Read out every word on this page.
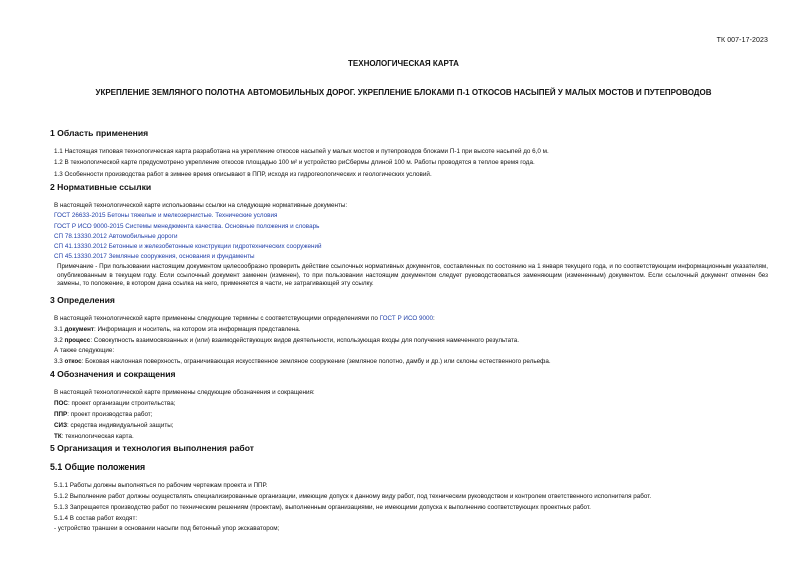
ТК 007-17-2023
ТЕХНОЛОГИЧЕСКАЯ КАРТА
УКРЕПЛЕНИЕ ЗЕМЛЯНОГО ПОЛОТНА АВТОМОБИЛЬНЫХ ДОРОГ. УКРЕПЛЕНИЕ БЛОКАМИ П-1 ОТКОСОВ НАСЫПЕЙ У МАЛЫХ МОСТОВ И ПУТЕПРОВОДОВ
1 Область применения
1.1 Настоящая типовая технологическая карта разработана на укрепление откосов насыпей у малых мостов и путепроводов блоками П-1 при высоте насыпей до 6,0 м.
1.2 В технологической карте предусмотрено укрепление откосов площадью 100 м² и устройство риСбермы длиной 100 м. Работы проводятся в теплое время года.
1.3 Особенности производства работ в зимнее время описывают в ППР, исходя из гидрогеологических и геологических условий.
2 Нормативные ссылки
В настоящей технологической карте использованы ссылки на следующие нормативные документы:
ГОСТ 26633-2015 Бетоны тяжелые и мелкозернистые. Технические условия
ГОСТ Р ИСО 9000-2015 Системы менеджмента качества. Основные положения и словарь
СП 78.13330.2012 Автомобильные дороги
СП 41.13330.2012 Бетонные и железобетонные конструкции гидротехнических сооружений
СП 45.13330.2017 Земляные сооружения, основания и фундаменты
Примечание - При пользовании настоящим документом целесообразно проверить действие ссылочных нормативных документов, составленных по состоянию на 1 января текущего года, и по соответствующим информационным указателям, опубликованным в текущем году. Если ссылочный документ заменен (изменен), то при пользовании настоящим документом следует руководствоваться заменяющим (измененным) документом. Если ссылочный документ отменен без замены, то положение, в котором дана ссылка на него, применяется в части, не затрагивающей эту ссылку.
3 Определения
В настоящей технологической карте применены следующие термины с соответствующими определениями по ГОСТ Р ИСО 9000:
3.1 документ: Информация и носитель, на котором эта информация представлена.
3.2 процесс: Совокупность взаимосвязанных и (или) взаимодействующих видов деятельности, использующая входы для получения намеченного результата.
А также следующие:
3.3 откос: Боковая наклонная поверхность, ограничивающая искусственное земляное сооружение (земляное полотно, дамбу и др.) или склоны естественного рельефа.
4 Обозначения и сокращения
В настоящей технологической карте применены следующие обозначения и сокращения:
ПОС: проект организации строительства;
ППР: проект производства работ;
СИЗ: средства индивидуальной защиты;
ТК: технологическая карта.
5 Организация и технология выполнения работ
5.1 Общие положения
5.1.1 Работы должны выполняться по рабочим чертежам проекта и ППР.
5.1.2 Выполнение работ должны осуществлять специализированные организации, имеющие допуск к данному виду работ, под техническим руководством и контролем ответственного исполнителя работ.
5.1.3 Запрещается производство работ по техническим решениям (проектам), выполненным организациями, не имеющими допуска к выполнению соответствующих проектных работ.
5.1.4 В состав работ входят:
- устройство траншеи в основании насыпи под бетонный упор экскаватором;
